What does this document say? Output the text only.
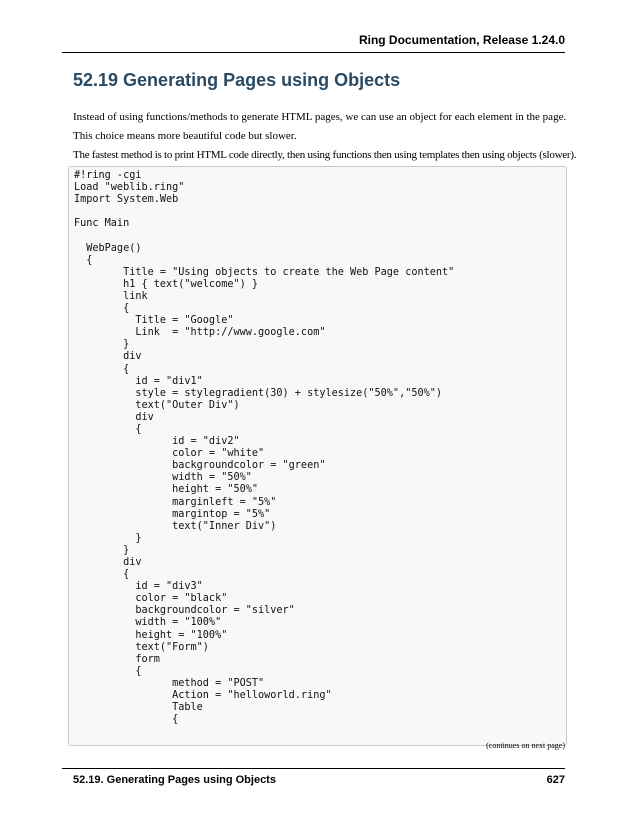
Ring Documentation, Release 1.24.0
52.19 Generating Pages using Objects

Instead of using functions/methods to generate HTML pages, we can use an object for each element in the page.

This choice means more beautiful code but slower.

The fastest method is to print HTML code directly, then using functions then using templates then using objects (slower).

#!ring -cgi
Load "weblib.ring"
Import System.Web

Func Main

WebPage()
{
Title = "Using objects to create the Web Page content"
h1 { text("welcome") }
link
{
Title = "Google"
Link  = "http://www.google.com"
}
div
{
id = "div1"
style = stylegradient(30) + stylesize("50%","50%")
text("Outer Div")
div
{
id = "div2"
color = "white"
backgroundcolor = "green"
width = "50%"
height = "50%"
marginleft = "5%"
margintop = "5%"
text("Inner Div")
}
}
div
{
id = "div3"
color = "black"
backgroundcolor = "silver"
width = "100%"
height = "100%"
text("Form")
form
{
method = "POST"
Action = "helloworld.ring"
Table
{
(continues on next page)
52.19. Generating Pages using Objects	627
